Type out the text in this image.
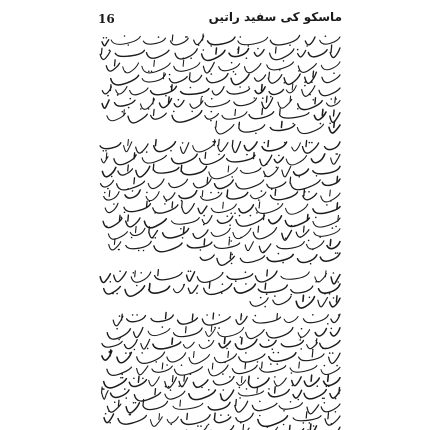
16	ماسکو کی سفید راتیں
